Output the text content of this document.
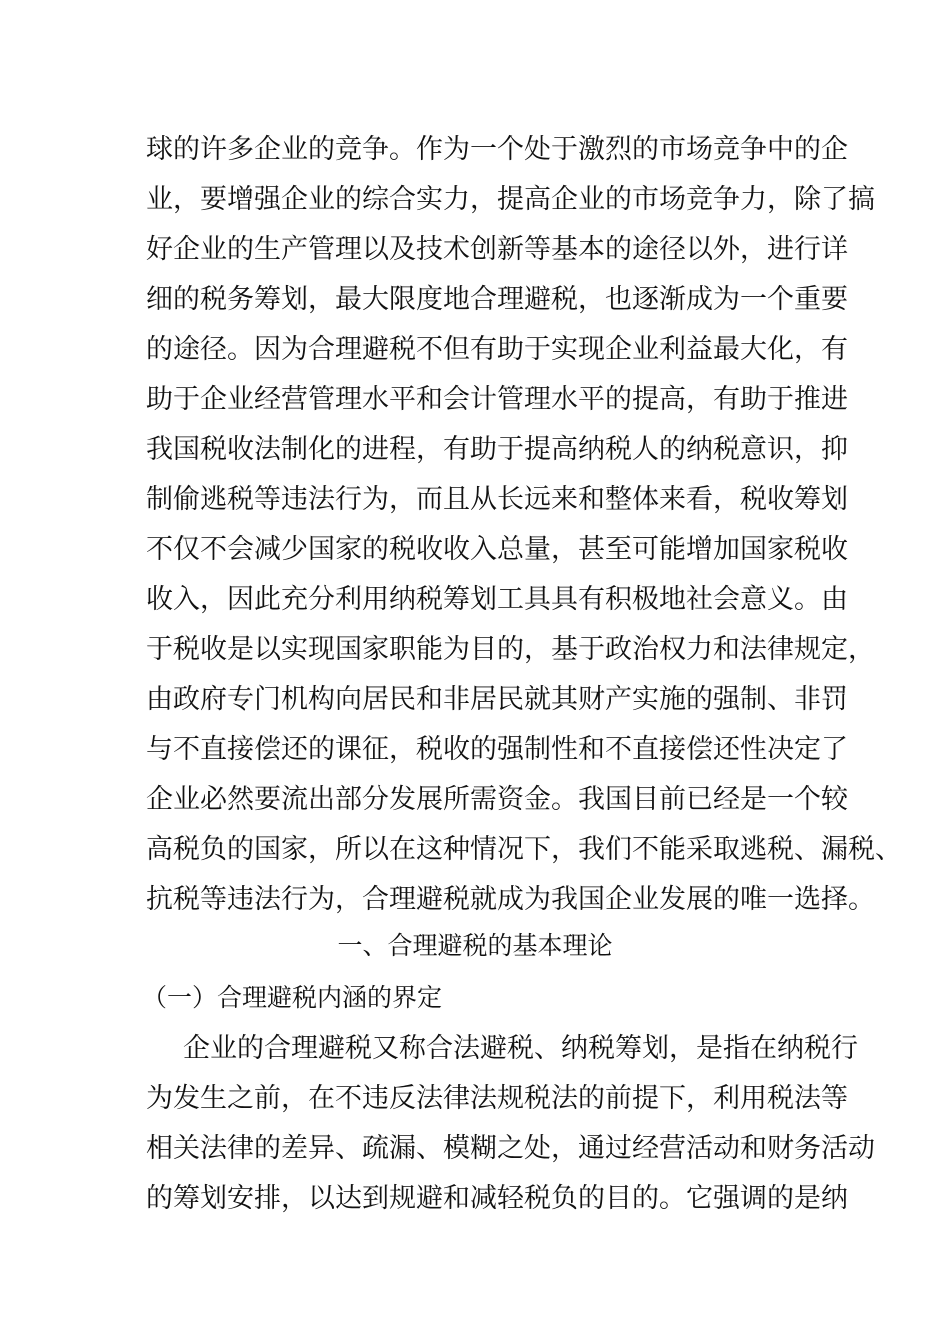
球的许多企业的竞争。作为一个处于激烈的市场竞争中的企
业，要增强企业的综合实力，提高企业的市场竞争力，除了搞
好企业的生产管理以及技术创新等基本的途径以外，进行详
细的税务筹划，最大限度地合理避税，也逐渐成为一个重要
的途径。因为合理避税不但有助于实现企业利益最大化，有
助于企业经营管理水平和会计管理水平的提高，有助于推进
我国税收法制化的进程，有助于提高纳税人的纳税意识，抑
制偷逃税等违法行为，而且从长远来和整体来看，税收筹划
不仅不会减少国家的税收收入总量，甚至可能增加国家税收
收入，因此充分利用纳税筹划工具具有积极地社会意义。由
于税收是以实现国家职能为目的，基于政治权力和法律规定，
由政府专门机构向居民和非居民就其财产实施的强制、非罚
与不直接偿还的课征，税收的强制性和不直接偿还性决定了
企业必然要流出部分发展所需资金。我国目前已经是一个较
高税负的国家，所以在这种情况下，我们不能采取逃税、漏税、
抗税等违法行为，合理避税就成为我国企业发展的唯一选择。
一、合理避税的基本理论
（一）合理避税内涵的界定
企业的合理避税又称合法避税、纳税筹划，是指在纳税行
为发生之前，在不违反法律法规税法的前提下，利用税法等
相关法律的差异、疏漏、模糊之处，通过经营活动和财务活动
的筹划安排，以达到规避和减轻税负的目的。它强调的是纳
